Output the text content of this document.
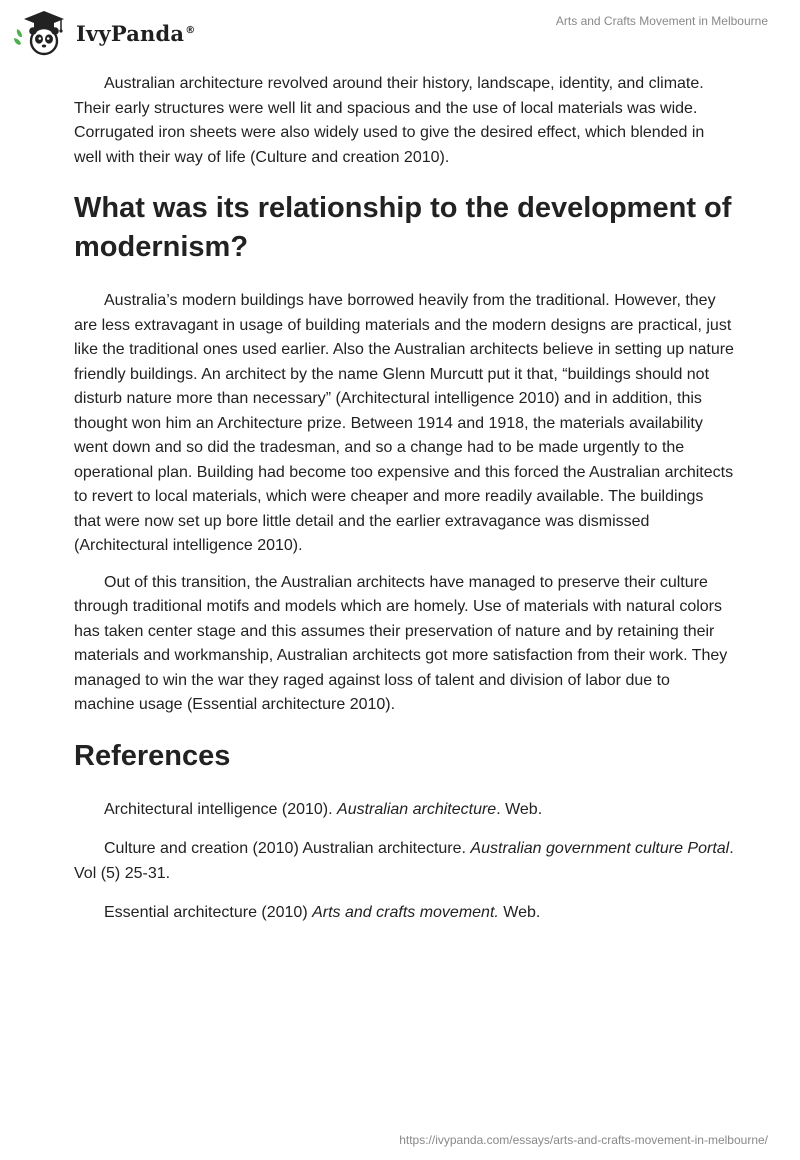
IvyPanda®
Arts and Crafts Movement in Melbourne

Australian architecture revolved around their history, landscape, identity, and climate. Their early structures were well lit and spacious and the use of local materials was wide. Corrugated iron sheets were also widely used to give the desired effect, which blended in well with their way of life (Culture and creation 2010).

What was its relationship to the development of modernism?

Australia’s modern buildings have borrowed heavily from the traditional. However, they are less extravagant in usage of building materials and the modern designs are practical, just like the traditional ones used earlier. Also the Australian architects believe in setting up nature friendly buildings. An architect by the name Glenn Murcutt put it that, “buildings should not disturb nature more than necessary” (Architectural intelligence 2010) and in addition, this thought won him an Architecture prize. Between 1914 and 1918, the materials availability went down and so did the tradesman, and so a change had to be made urgently to the operational plan. Building had become too expensive and this forced the Australian architects to revert to local materials, which were cheaper and more readily available. The buildings that were now set up bore little detail and the earlier extravagance was dismissed (Architectural intelligence 2010).

Out of this transition, the Australian architects have managed to preserve their culture through traditional motifs and models which are homely. Use of materials with natural colors has taken center stage and this assumes their preservation of nature and by retaining their materials and workmanship, Australian architects got more satisfaction from their work. They managed to win the war they raged against loss of talent and division of labor due to machine usage (Essential architecture 2010).

References

Architectural intelligence (2010). Australian architecture. Web.

Culture and creation (2010) Australian architecture. Australian government culture Portal. Vol (5) 25-31.

Essential architecture (2010) Arts and crafts movement. Web.

https://ivypanda.com/essays/arts-and-crafts-movement-in-melbourne/
